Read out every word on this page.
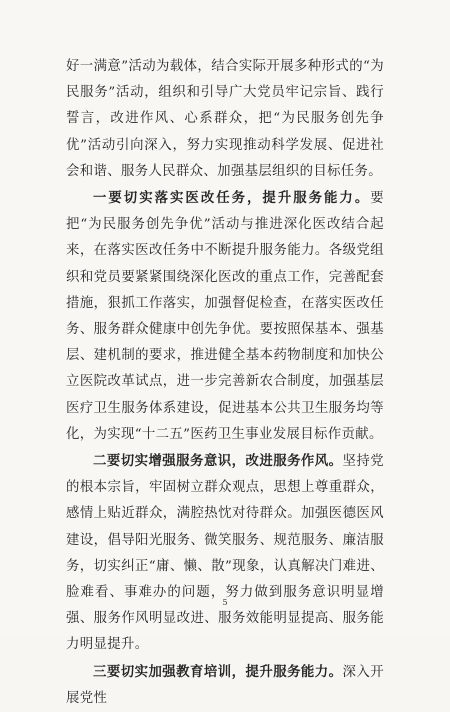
好一满意”活动为载体，结合实际开展多种形式的“为民服务”活动，组织和引导广大党员牢记宗旨、践行誓言，改进作风、心系群众，把“为民服务创先争优”活动引向深入，努力实现推动科学发展、促进社会和谐、服务人民群众、加强基层组织的目标任务。

一要切实落实医改任务，提升服务能力。要把“为民服务创先争优”活动与推进深化医改结合起来，在落实医改任务中不断提升服务能力。各级党组织和党员要紧紧围绕深化医改的重点工作，完善配套措施，狠抓工作落实，加强督促检查，在落实医改任务、服务群众健康中创先争优。要按照保基本、强基层、建机制的要求，推进健全基本药物制度和加快公立医院改革试点，进一步完善新农合制度，加强基层医疗卫生服务体系建设，促进基本公共卫生服务均等化，为实现“十二五”医药卫生事业发展目标作贡献。

二要切实增强服务意识，改进服务作风。坚持党的根本宗旨，牢固树立群众观点，思想上尊重群众，感情上贴近群众，满腔热忱对待群众。加强医德医风建设，倡导阳光服务、微笑服务、规范服务、廉洁服务，切实纠正“庸、懒、散”现象，认真解决门难进、脸难看、事难办的问题，努力做到服务意识明显增强、服务作风明显改进、服务效能明显提高、服务能力明显提升。

三要切实加强教育培训，提升服务能力。深入开展党性

5
